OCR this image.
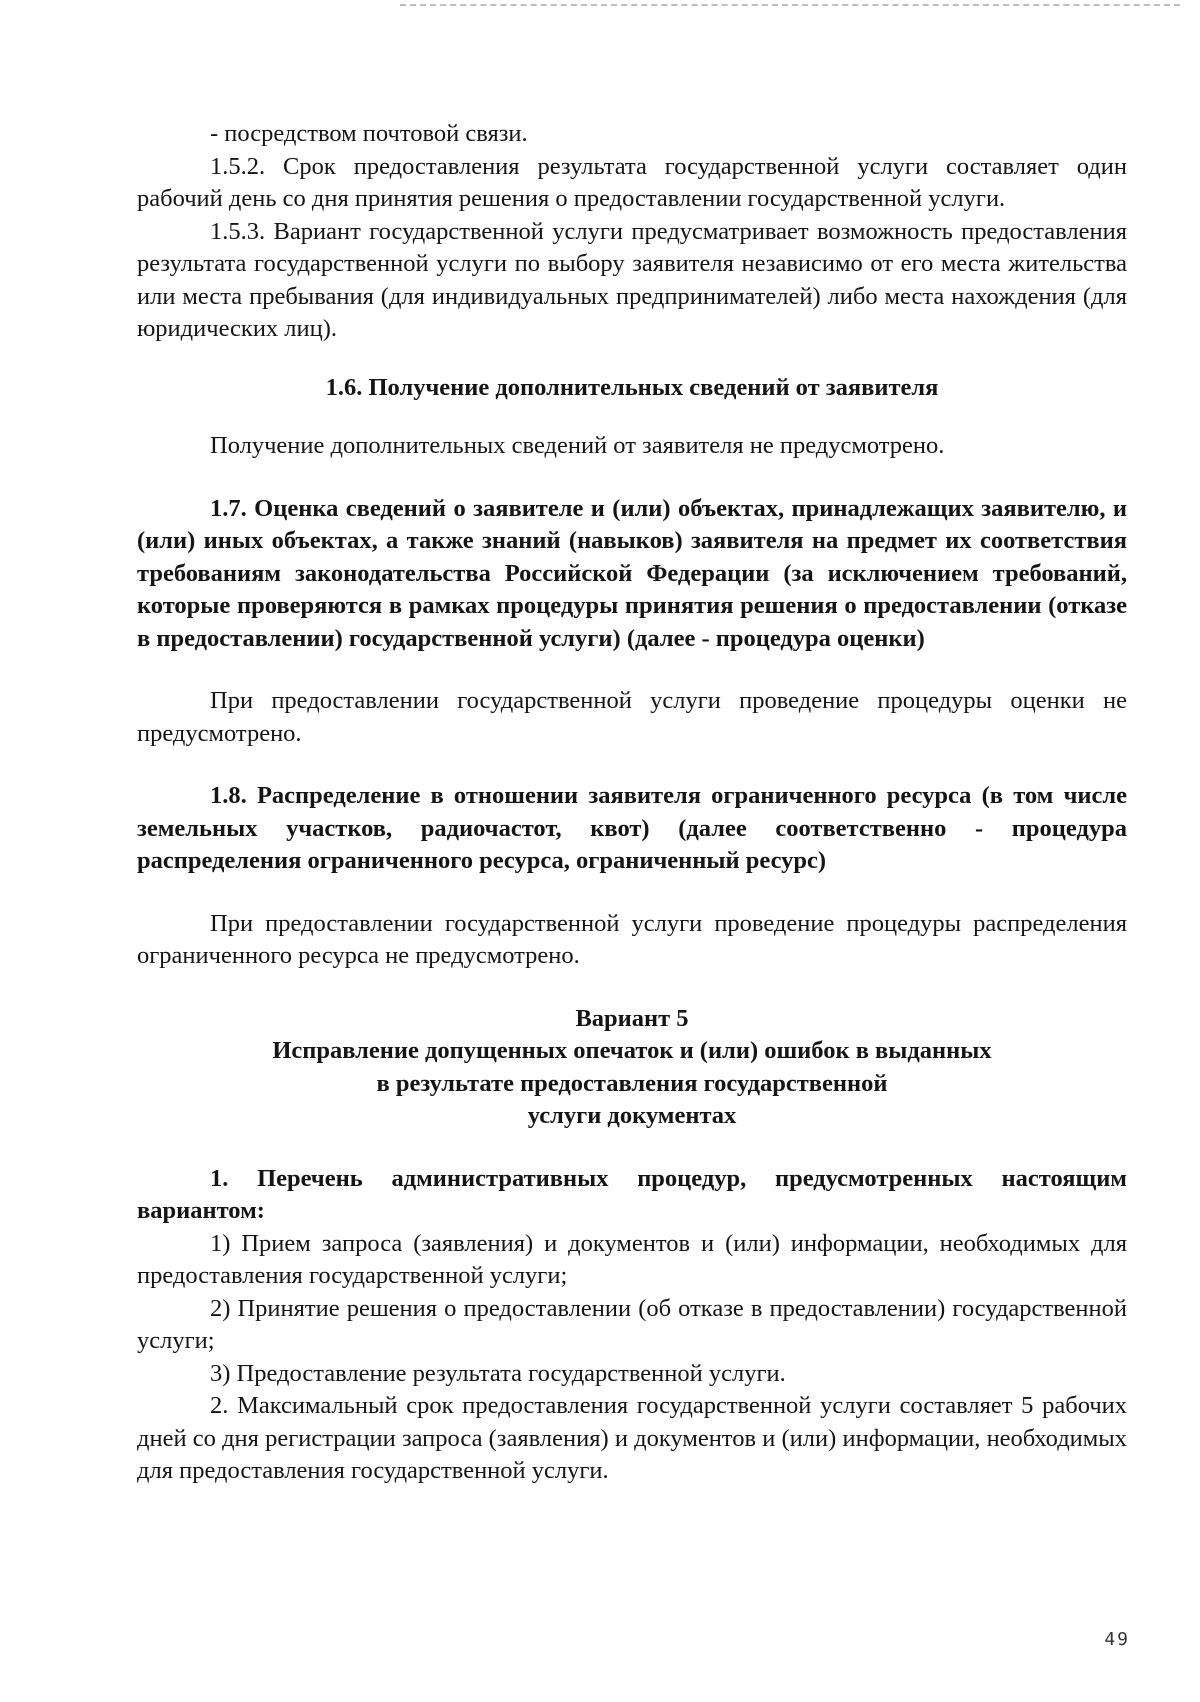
- посредством почтовой связи.

1.5.2. Срок предоставления результата государственной услуги составляет один рабочий день со дня принятия решения о предоставлении государственной услуги.

1.5.3. Вариант государственной услуги предусматривает возможность предоставления результата государственной услуги по выбору заявителя независимо от его места жительства или места пребывания (для индивидуальных предпринимателей) либо места нахождения (для юридических лиц).

1.6. Получение дополнительных сведений от заявителя

Получение дополнительных сведений от заявителя не предусмотрено.

1.7. Оценка сведений о заявителе и (или) объектах, принадлежащих заявителю, и (или) иных объектах, а также знаний (навыков) заявителя на предмет их соответствия требованиям законодательства Российской Федерации (за исключением требований, которые проверяются в рамках процедуры принятия решения о предоставлении (отказе в предоставлении) государственной услуги) (далее - процедура оценки)

При предоставлении государственной услуги проведение процедуры оценки не предусмотрено.

1.8. Распределение в отношении заявителя ограниченного ресурса (в том числе земельных участков, радиочастот, квот) (далее соответственно - процедура распределения ограниченного ресурса, ограниченный ресурс)

При предоставлении государственной услуги проведение процедуры распределения ограниченного ресурса не предусмотрено.

Вариант 5

Исправление допущенных опечаток и (или) ошибок в выданных

в результате предоставления государственной

услуги документах

1. Перечень административных процедур, предусмотренных настоящим вариантом:

1) Прием запроса (заявления) и документов и (или) информации, необходимых для предоставления государственной услуги;

2) Принятие решения о предоставлении (об отказе в предоставлении) государственной услуги;

3) Предоставление результата государственной услуги.

2. Максимальный срок предоставления государственной услуги составляет 5 рабочих дней со дня регистрации запроса (заявления) и документов и (или) информации, необходимых для предоставления государственной услуги.

49
